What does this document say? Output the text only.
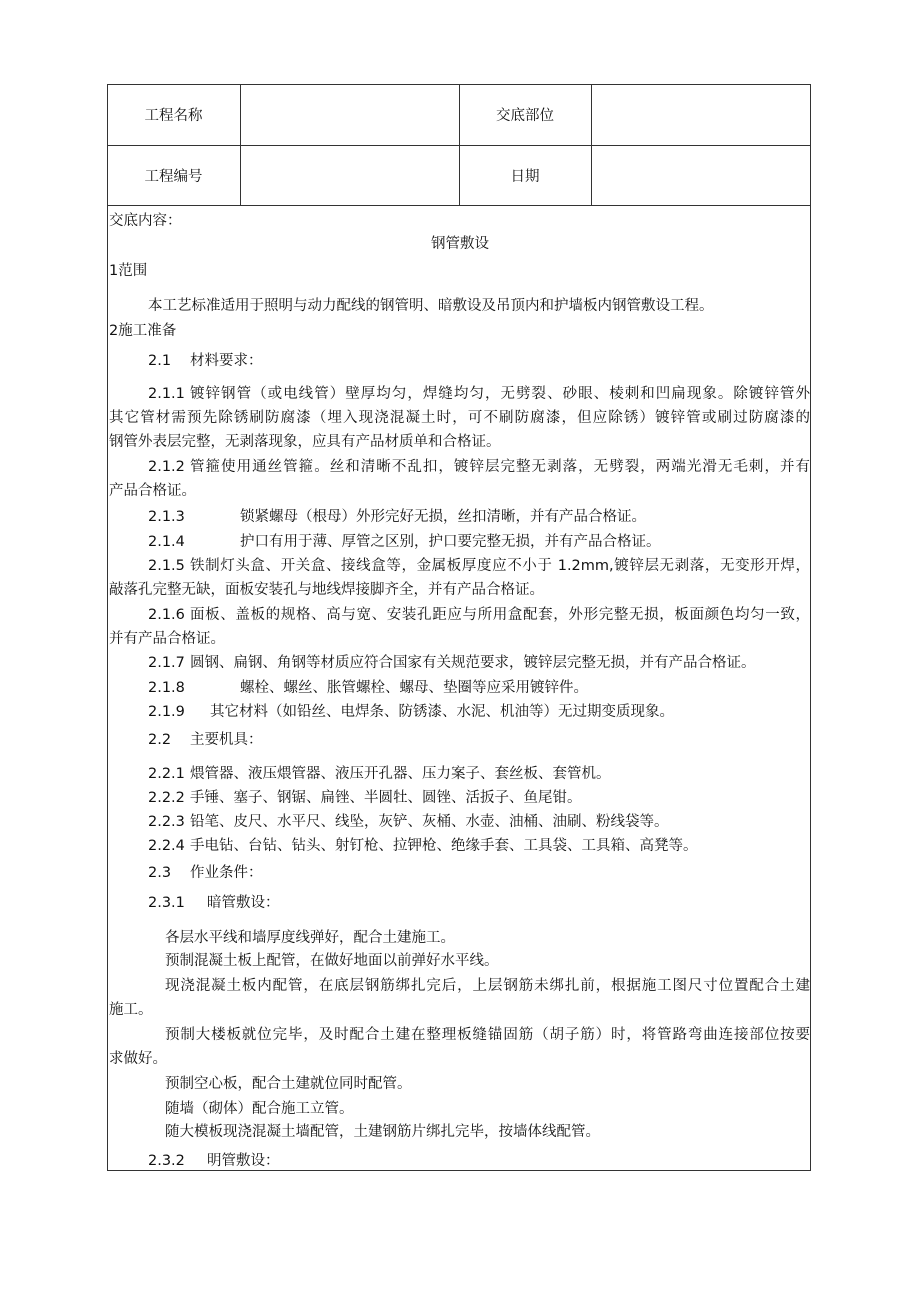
工程名称	交底部位
工程编号	日期
交底内容：
钢管敷设
1范围
本工艺标准适用于照明与动力配线的钢管明、暗敷设及吊顶内和护墙板内钢管敷设工程。
2施工准备
2.1 材料要求：
2.1.1 镀锌钢管（或电线管）壁厚均匀，焊缝均匀，无劈裂、砂眼、棱刺和凹扁现象。除镀锌管外
其它管材需预先除锈刷防腐漆（埋入现浇混凝土时，可不刷防腐漆，但应除锈）镀锌管或刷过防腐漆的
钢管外表层完整，无剥落现象，应具有产品材质单和合格证。
2.1.2 管箍使用通丝管箍。丝和清晰不乱扣，镀锌层完整无剥落，无劈裂，两端光滑无毛刺，并有
产品合格证。
2.1.3	锁紧螺母（根母）外形完好无损，丝扣清晰，并有产品合格证。
2.1.4	护口有用于薄、厚管之区别，护口要完整无损，并有产品合格证。
2.1.5 铁制灯头盒、开关盒、接线盒等，金属板厚度应不小于 1.2mm,镀锌层无剥落，无变形开焊，
敲落孔完整无缺，面板安装孔与地线焊接脚齐全，并有产品合格证。
2.1.6 面板、盖板的规格、高与宽、安装孔距应与所用盒配套，外形完整无损，板面颜色均匀一致，
并有产品合格证。
2.1.7 圆钢、扁钢、角钢等材质应符合国家有关规范要求，镀锌层完整无损，并有产品合格证。
2.1.8	螺栓、螺丝、胀管螺栓、螺母、垫圈等应采用镀锌件。
2.1.9 其它材料（如铅丝、电焊条、防锈漆、水泥、机油等）无过期变质现象。
2.2 主要机具：
2.2.1 煨管器、液压煨管器、液压开孔器、压力案子、套丝板、套管机。
2.2.2 手锤、塞子、钢锯、扁锉、半圆牡、圆锉、活扳子、鱼尾钳。
2.2.3 铅笔、皮尺、水平尺、线坠，灰铲、灰桶、水壶、油桶、油刷、粉线袋等。
2.2.4 手电钻、台钻、钻头、射钉枪、拉钾枪、绝缘手套、工具袋、工具箱、高凳等。
2.3 作业条件：
2.3.1 暗管敷设：
各层水平线和墙厚度线弹好，配合土建施工。
预制混凝土板上配管，在做好地面以前弹好水平线。
现浇混凝土板内配管，在底层钢筋绑扎完后，上层钢筋未绑扎前，根据施工图尺寸位置配合土建
施工。
预制大楼板就位完毕，及时配合土建在整理板缝锚固筋（胡子筋）时，将管路弯曲连接部位按要
求做好。
预制空心板，配合土建就位同时配管。
随墙（砌体）配合施工立管。
随大模板现浇混凝土墙配管，土建钢筋片绑扎完毕，按墙体线配管。
2.3.2 明管敷设：
